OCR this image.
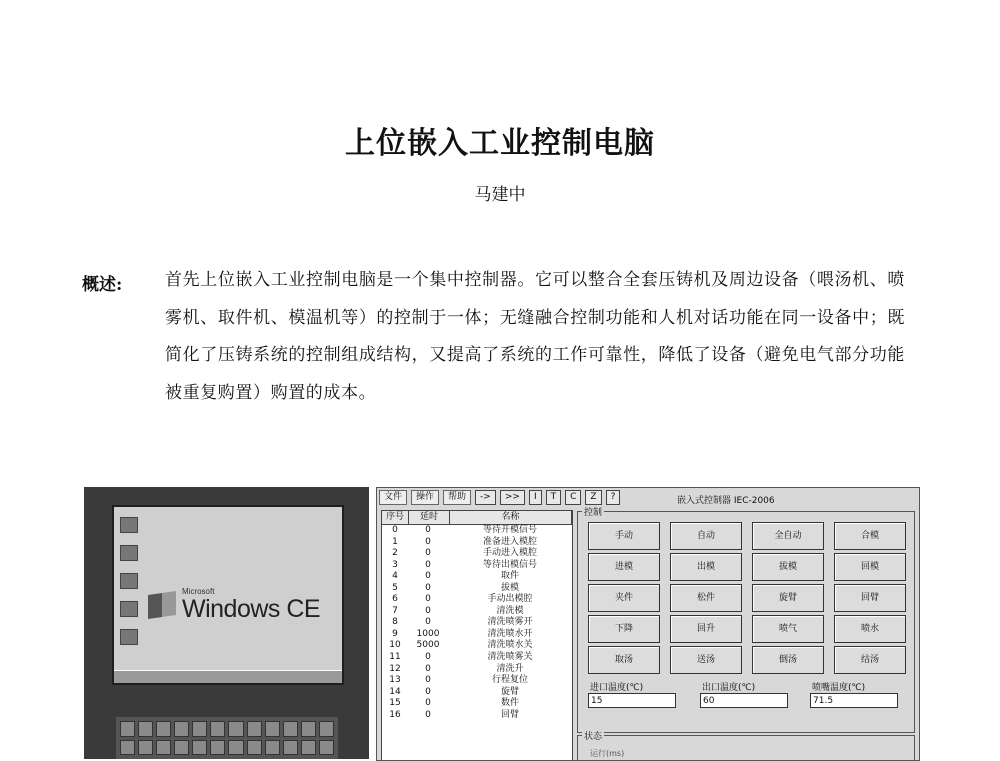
上位嵌入工业控制电脑
马建中
概述:	首先上位嵌入工业控制电脑是一个集中控制器。它可以整合全套压铸机及周边设备（喂汤机、喷雾机、取件机、模温机等）的控制于一体；无缝融合控制功能和人机对话功能在同一设备中；既简化了压铸系统的控制组成结构，又提高了系统的工作可靠性，降低了设备（避免电气部分功能被重复购置）购置的成本。
Microsoft
Windows CE
文件	操作	帮助	->	>>	I	T	C	Z	?	嵌入式控制器 IEC-2006
序号	延时	名称
0	0	等待开模信号
1	0	准备进入模腔
2	0	手动进入模腔
3	0	等待出模信号
4	0	取件
5	0	拔模
6	0	手动出模腔
7	0	清洗模
8	0	清洗喷雾开
9	1000	清洗喷水开
10	5000	清洗喷水关
11	0	清洗喷雾关
12	0	清洗升
13	0	行程复位
14	0	旋臂
15	0	数件
16	0	回臂
控制
手动	自动	全自动	合模
进模	出模	拔模	回模
夹件	松件	旋臂	回臂
下降	回升	喷气	喷水
取汤	送汤	倒汤	结汤
进口温度(℃)
15
出口温度(℃)
60
喷嘴温度(℃)
71.5
状态
运行(ms)
